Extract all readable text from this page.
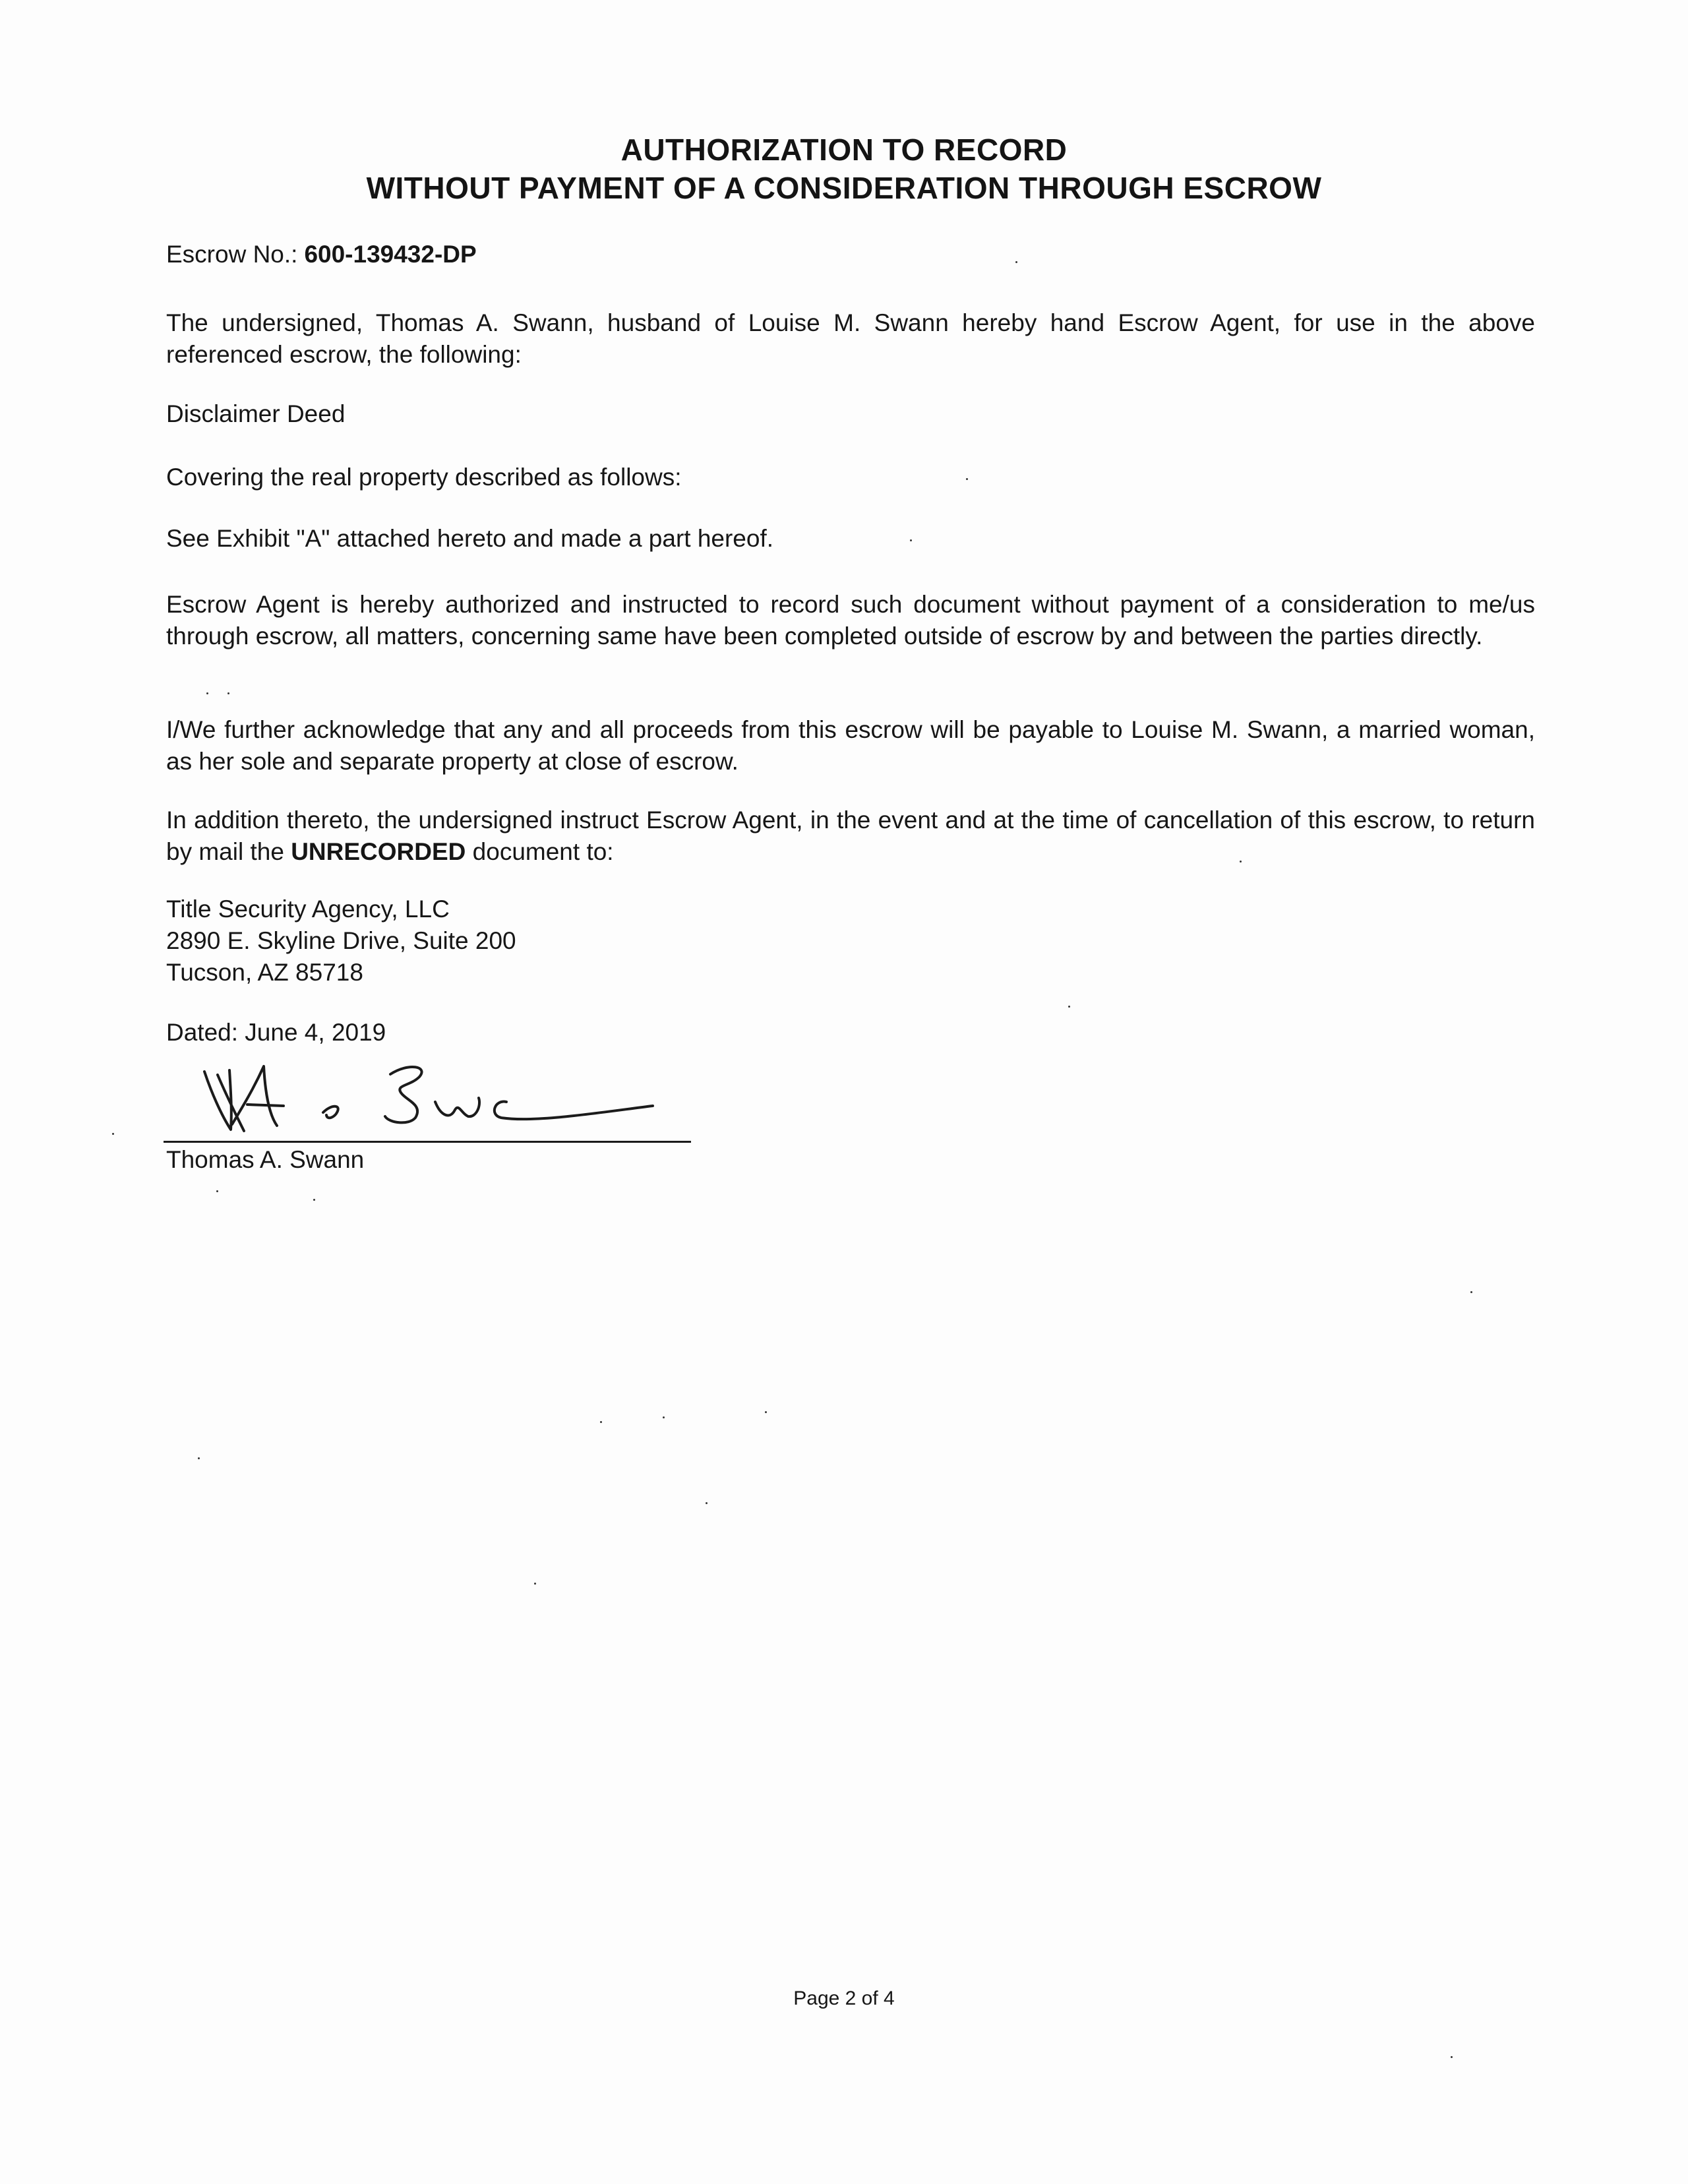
AUTHORIZATION TO RECORD
WITHOUT PAYMENT OF A CONSIDERATION THROUGH ESCROW
Escrow No.: 600-139432-DP
The undersigned, Thomas A. Swann, husband of Louise M. Swann hereby hand Escrow Agent, for use in the above referenced escrow, the following:
Disclaimer Deed
Covering the real property described as follows:
See Exhibit "A" attached hereto and made a part hereof.
Escrow Agent is hereby authorized and instructed to record such document without payment of a consideration to me/us through escrow, all matters, concerning same have been completed outside of escrow by and between the parties directly.
I/We further acknowledge that any and all proceeds from this escrow will be payable to Louise M. Swann, a married woman, as her sole and separate property at close of escrow.
In addition thereto, the undersigned instruct Escrow Agent, in the event and at the time of cancellation of this escrow, to return by mail the UNRECORDED document to:
Title Security Agency, LLC
2890 E. Skyline Drive, Suite 200
Tucson, AZ 85718
Dated: June 4, 2019
Thomas A. Swann
Page 2 of 4
